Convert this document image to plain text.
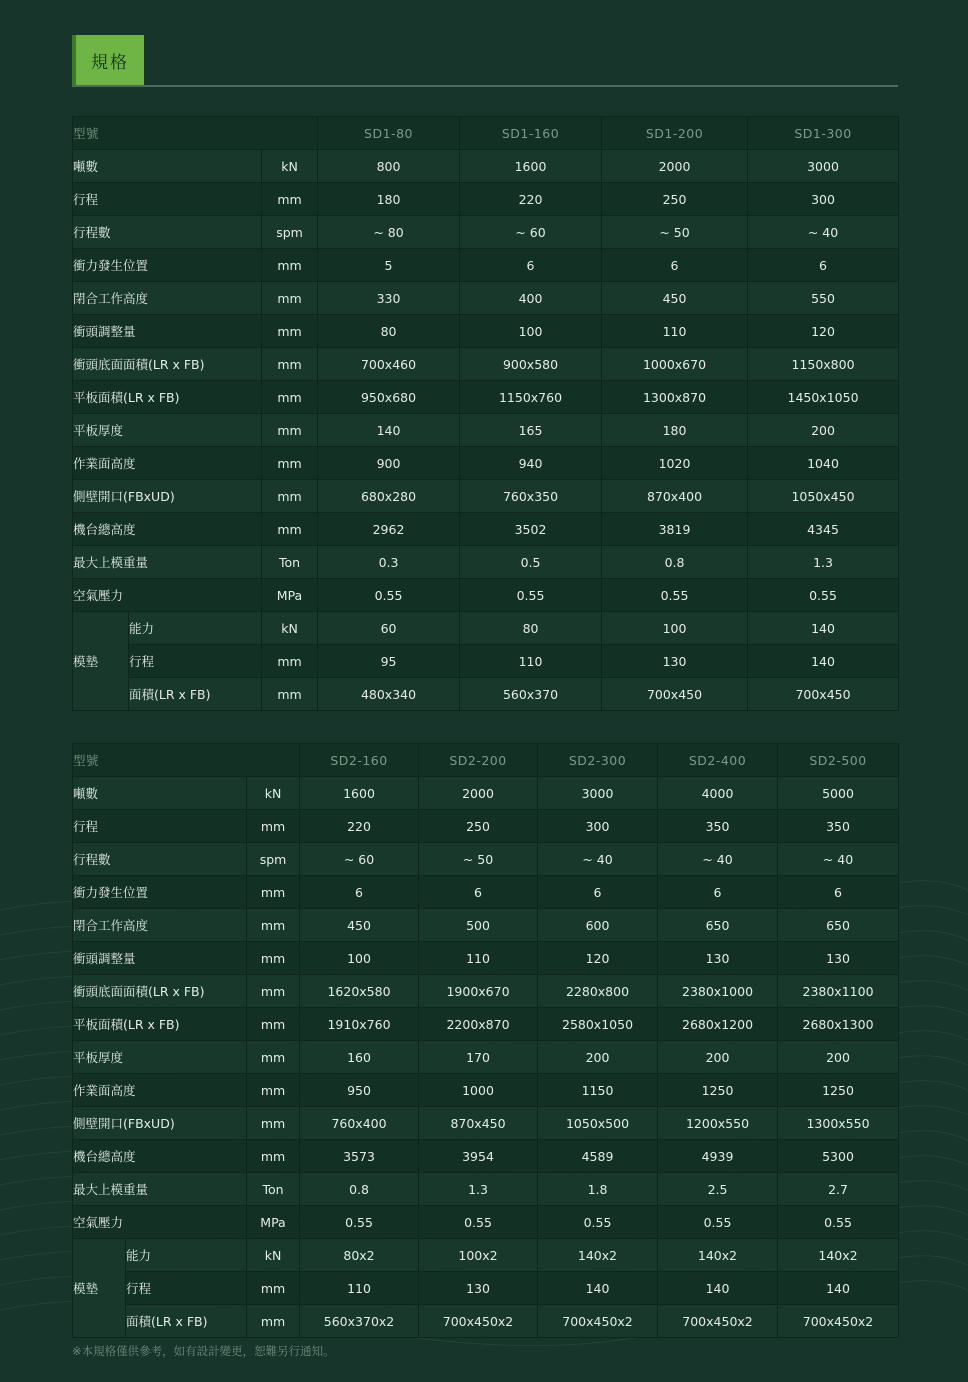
規格
型號			SD1-80	SD1-160	SD1-200	SD1-300
噸數		kN	800	1600	2000	3000
行程		mm	180	220	250	300
行程數		spm	~ 80	~ 60	~ 50	~ 40
衝力發生位置		mm	5	6	6	6
閉合工作高度		mm	330	400	450	550
衝頭調整量		mm	80	100	110	120
衝頭底面面積(LR x FB)		mm	700x460	900x580	1000x670	1150x800
平板面積(LR x FB)		mm	950x680	1150x760	1300x870	1450x1050
平板厚度		mm	140	165	180	200
作業面高度		mm	900	940	1020	1040
側壁開口(FBxUD)		mm	680x280	760x350	870x400	1050x450
機台總高度		mm	2962	3502	3819	4345
最大上模重量		Ton	0.3	0.5	0.8	1.3
空氣壓力		MPa	0.55	0.55	0.55	0.55
模墊	能力	kN	60	80	100	140
	行程	mm	95	110	130	140
	面積(LR x FB)	mm	480x340	560x370	700x450	700x450
型號			SD2-160	SD2-200	SD2-300	SD2-400	SD2-500
噸數		kN	1600	2000	3000	4000	5000
行程		mm	220	250	300	350	350
行程數		spm	~ 60	~ 50	~ 40	~ 40	~ 40
衝力發生位置		mm	6	6	6	6	6
閉合工作高度		mm	450	500	600	650	650
衝頭調整量		mm	100	110	120	130	130
衝頭底面面積(LR x FB)		mm	1620x580	1900x670	2280x800	2380x1000	2380x1100
平板面積(LR x FB)		mm	1910x760	2200x870	2580x1050	2680x1200	2680x1300
平板厚度		mm	160	170	200	200	200
作業面高度		mm	950	1000	1150	1250	1250
側壁開口(FBxUD)		mm	760x400	870x450	1050x500	1200x550	1300x550
機台總高度		mm	3573	3954	4589	4939	5300
最大上模重量		Ton	0.8	1.3	1.8	2.5	2.7
空氣壓力		MPa	0.55	0.55	0.55	0.55	0.55
模墊	能力	kN	80x2	100x2	140x2	140x2	140x2
	行程	mm	110	130	140	140	140
	面積(LR x FB)	mm	560x370x2	700x450x2	700x450x2	700x450x2	700x450x2
※本規格僅供參考，如有設計變更，恕難另行通知。
